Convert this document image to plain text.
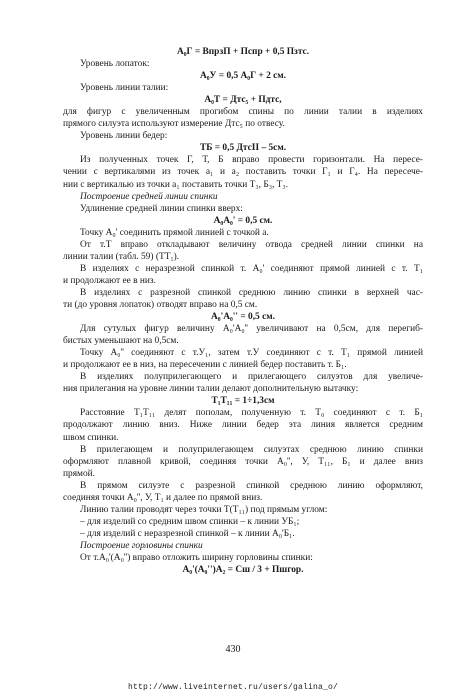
А₀Г = ВпрзП + Пспр + 0,5 Пзтс.
Уровень лопаток:
А₀У = 0,5 А₀Г + 2 см.
Уровень линии талии:
А₀Т = Дтс₅ + Пдтс,
для фигур с увеличенным прогибом спины по линии талии в изделиях
прямого силуэта используют измерение Дтс₅ по отвесу.
Уровень линии бедер:
ТБ = 0,5 ДтсII – 5см.
Из полученных точек Г, Т, Б вправо провести горизонтали. На пересе-
чении с вертикалями из точек а₁ и а₂ поставить точки Г₁ и Г₄. На пересече-
нии с вертикалью из точки а₁ поставить точки Т₃, Б₃, Т₃.
Построение средней линии спинки
Удлинение средней линии спинки вверх:
А₀А₀' = 0,5 см.
Точку А₀' соединить прямой линией с точкой а.
От т.Т вправо откладывают величину отвода средней линии спинки на
линии талии (табл. 59) (ТТ₁).
В изделиях с неразрезной спинкой т. А₀' соединяют прямой линией с т. Т₁
и продолжают ее в низ.
В изделиях с разрезной спинкой среднюю линию спинки в верхней час-
ти (до уровня лопаток) отводят вправо на 0,5 см.
А₀'А₀'' = 0,5 см.
Для сутулых фигур величину А₀'А₀'' увеличивают на 0,5см, для перегиб-
бистых уменьшают на 0,5см.
Точку А₀'' соединяют с т.У₁, затем т.У соединяют с т. Т₁ прямой линией
и продолжают ее в низ, на пересечении с линией бедер поставить т. Б₁.
В изделиях полуприлегающего и прилегающего силуэтов для увеличе-
ния прилегания на уровне линии талии делают дополнительную вытачку:
Т₁Т₁₁ = 1÷1,3см
Расстояние Т₁Т₁₁ делят пополам, полученную т. Т₀ соединяют с т. Б₁
продолжают линию вниз. Ниже линии бедер эта линия является средним
швом спинки.
В прилегающем и полуприлегающем силуэтах среднюю линию спинки
оформляют плавной кривой, соединяя точки А₀'', У, Т₁₁, Б₁ и далее вниз
прямой.
В прямом силуэте с разрезной спинкой среднюю линию оформляют,
соединяя точки А₀'', У, Т₁ и далее по прямой вниз.
Линию талии проводят через точки Т(Т₁₁) под прямым углом:
– для изделий со средним швом спинки – к линии УБ₁;
– для изделий с неразрезной спинкой – к линии А₀'Б₁.
Построение горловины спинки
От т.А₀'(А₀'') вправо отложить ширину горловины спинки:
А₀'(А₀'')А₂ = Сш / 3 + Пшгор.
430
http://www.liveinternet.ru/users/galina_o/
